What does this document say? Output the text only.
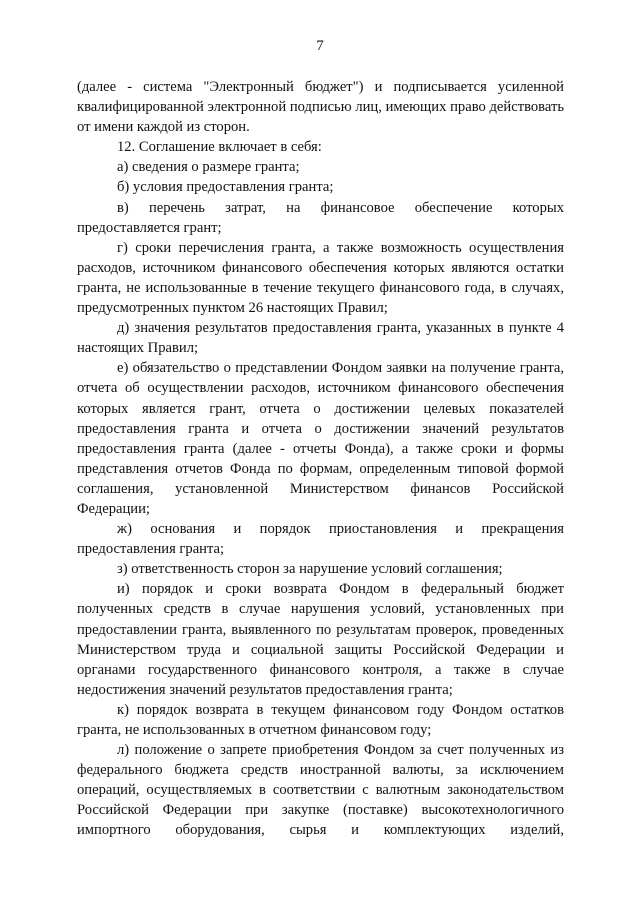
7

(далее - система "Электронный бюджет") и подписывается усиленной квалифицированной электронной подписью лиц, имеющих право действовать от имени каждой из сторон.

12. Соглашение включает в себя:

а) сведения о размере гранта;

б) условия предоставления гранта;

в) перечень затрат, на финансовое обеспечение которых предоставляется грант;

г) сроки перечисления гранта, а также возможность осуществления расходов, источником финансового обеспечения которых являются остатки гранта, не использованные в течение текущего финансового года, в случаях, предусмотренных пунктом 26 настоящих Правил;

д) значения результатов предоставления гранта, указанных в пункте 4 настоящих Правил;

е) обязательство о представлении Фондом заявки на получение гранта, отчета об осуществлении расходов, источником финансового обеспечения которых является грант, отчета о достижении целевых показателей предоставления гранта и отчета о достижении значений результатов предоставления гранта (далее - отчеты Фонда), а также сроки и формы представления отчетов Фонда по формам, определенным типовой формой соглашения, установленной Министерством финансов Российской Федерации;

ж) основания и порядок приостановления и прекращения предоставления гранта;

з) ответственность сторон за нарушение условий соглашения;

и) порядок и сроки возврата Фондом в федеральный бюджет полученных средств в случае нарушения условий, установленных при предоставлении гранта, выявленного по результатам проверок, проведенных Министерством труда и социальной защиты Российской Федерации и органами государственного финансового контроля, а также в случае недостижения значений результатов предоставления гранта;

к) порядок возврата в текущем финансовом году Фондом остатков гранта, не использованных в отчетном финансовом году;

л) положение о запрете приобретения Фондом за счет полученных из федерального бюджета средств иностранной валюты, за исключением операций, осуществляемых в соответствии с валютным законодательством Российской Федерации при закупке (поставке) высокотехнологичного импортного оборудования, сырья и комплектующих изделий,
